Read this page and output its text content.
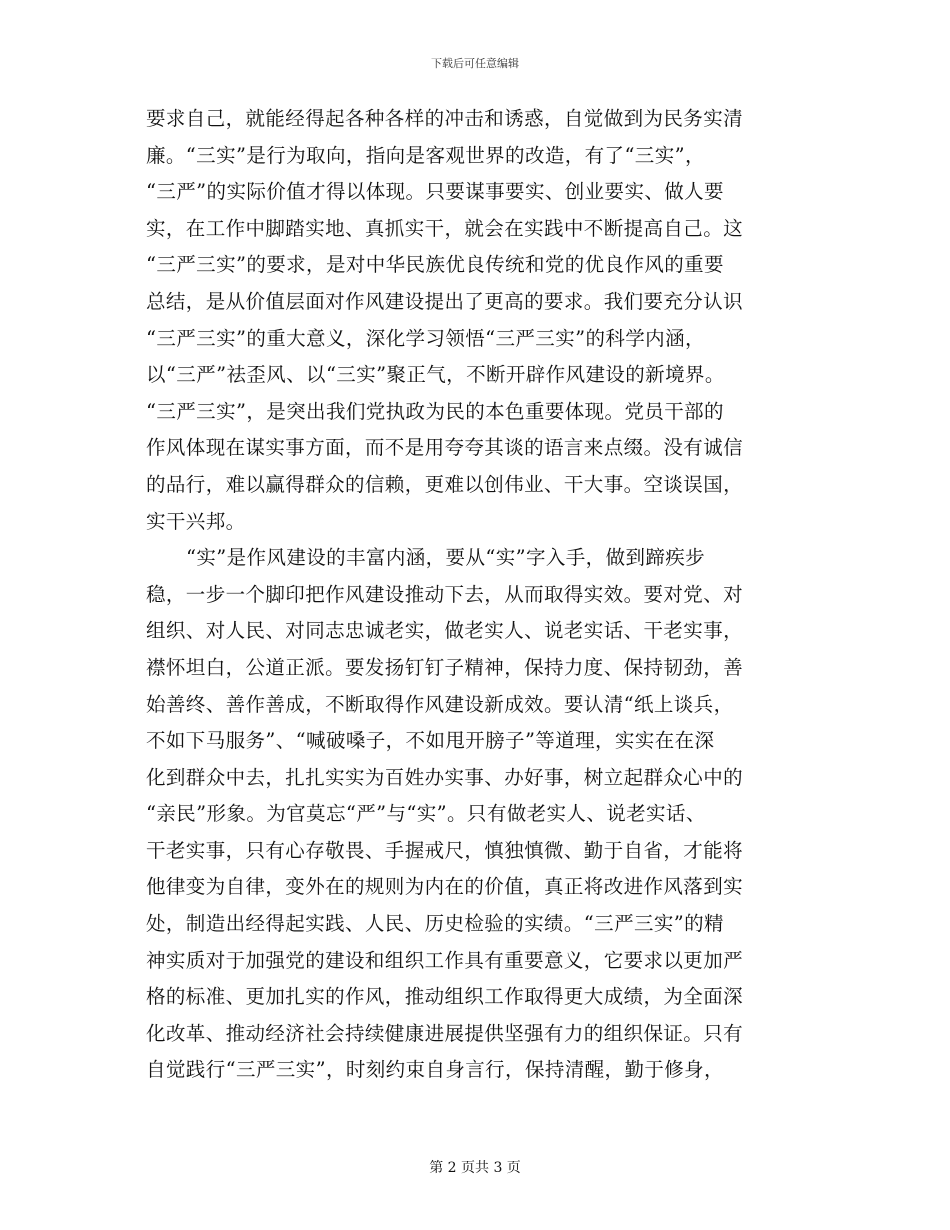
下载后可任意编辑
要求自己，就能经得起各种各样的冲击和诱惑，自觉做到为民务实清
廉。“三实”是行为取向，指向是客观世界的改造，有了“三实”，
“三严”的实际价值才得以体现。只要谋事要实、创业要实、做人要
实，在工作中脚踏实地、真抓实干，就会在实践中不断提高自己。这
“三严三实”的要求，是对中华民族优良传统和党的优良作风的重要
总结，是从价值层面对作风建设提出了更高的要求。我们要充分认识
“三严三实”的重大意义，深化学习领悟“三严三实”的科学内涵，
以“三严”祛歪风、以“三实”聚正气，不断开辟作风建设的新境界。
“三严三实”，是突出我们党执政为民的本色重要体现。党员干部的
作风体现在谋实事方面，而不是用夸夸其谈的语言来点缀。没有诚信
的品行，难以赢得群众的信赖，更难以创伟业、干大事。空谈误国，
实干兴邦。
“实”是作风建设的丰富内涵，要从“实”字入手，做到蹄疾步
稳，一步一个脚印把作风建设推动下去，从而取得实效。要对党、对
组织、对人民、对同志忠诚老实，做老实人、说老实话、干老实事，
襟怀坦白，公道正派。要发扬钉钉子精神，保持力度、保持韧劲，善
始善终、善作善成，不断取得作风建设新成效。要认清“纸上谈兵，
不如下马服务”、“喊破嗓子，不如甩开膀子”等道理，实实在在深
化到群众中去，扎扎实实为百姓办实事、办好事，树立起群众心中的
“亲民”形象。为官莫忘“严”与“实”。只有做老实人、说老实话、
干老实事，只有心存敬畏、手握戒尺，慎独慎微、勤于自省，才能将
他律变为自律，变外在的规则为内在的价值，真正将改进作风落到实
处，制造出经得起实践、人民、历史检验的实绩。“三严三实”的精
神实质对于加强党的建设和组织工作具有重要意义，它要求以更加严
格的标准、更加扎实的作风，推动组织工作取得更大成绩，为全面深
化改革、推动经济社会持续健康进展提供坚强有力的组织保证。只有
自觉践行“三严三实”，时刻约束自身言行，保持清醒，勤于修身，
第 2 页共 3 页
